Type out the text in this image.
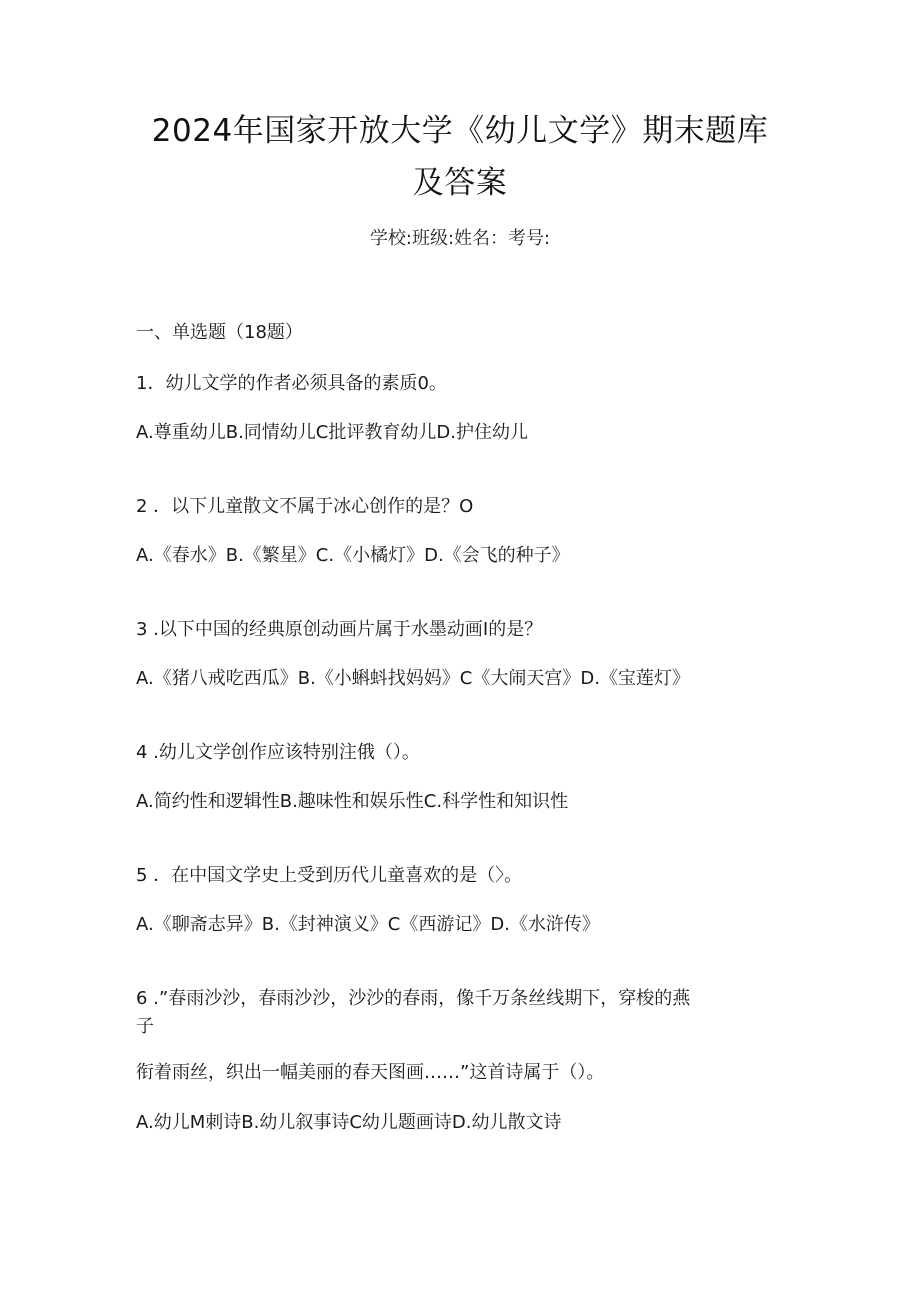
2024年国家开放大学《幼儿文学》期末题库
及答案
学校:班级:姓名：考号:
一、单选题（18题）
1．幼儿文学的作者必须具备的素质0。
A.尊重幼儿B.同情幼儿C批评教育幼儿D.护住幼儿
2 ．以下儿童散文不属于冰心创作的是？O
A.《春水》B.《繁星》C.《小橘灯》D.《会飞的种子》
3 .以下中国的经典原创动画片属于水墨动画I的是？
A.《猪八戒吃西瓜》B.《小蝌蚪找妈妈》C《大闹天宫》D.《宝莲灯》
4 .幼儿文学创作应该特别注俄（）。
A.简约性和逻辑性B.趣味性和娱乐性C.科学性和知识性
5 ．在中国文学史上受到历代儿童喜欢的是（〉。
A.《聊斋志异》B.《封神演义》C《西游记》D.《水浒传》
6 .”春雨沙沙，春雨沙沙，沙沙的春雨，像千万条丝线期下，穿梭的燕
子
衔着雨丝，织出一幅美丽的春天图画……”这首诗属于（）。
A.幼儿M刺诗B.幼儿叙事诗C幼儿题画诗D.幼儿散文诗
